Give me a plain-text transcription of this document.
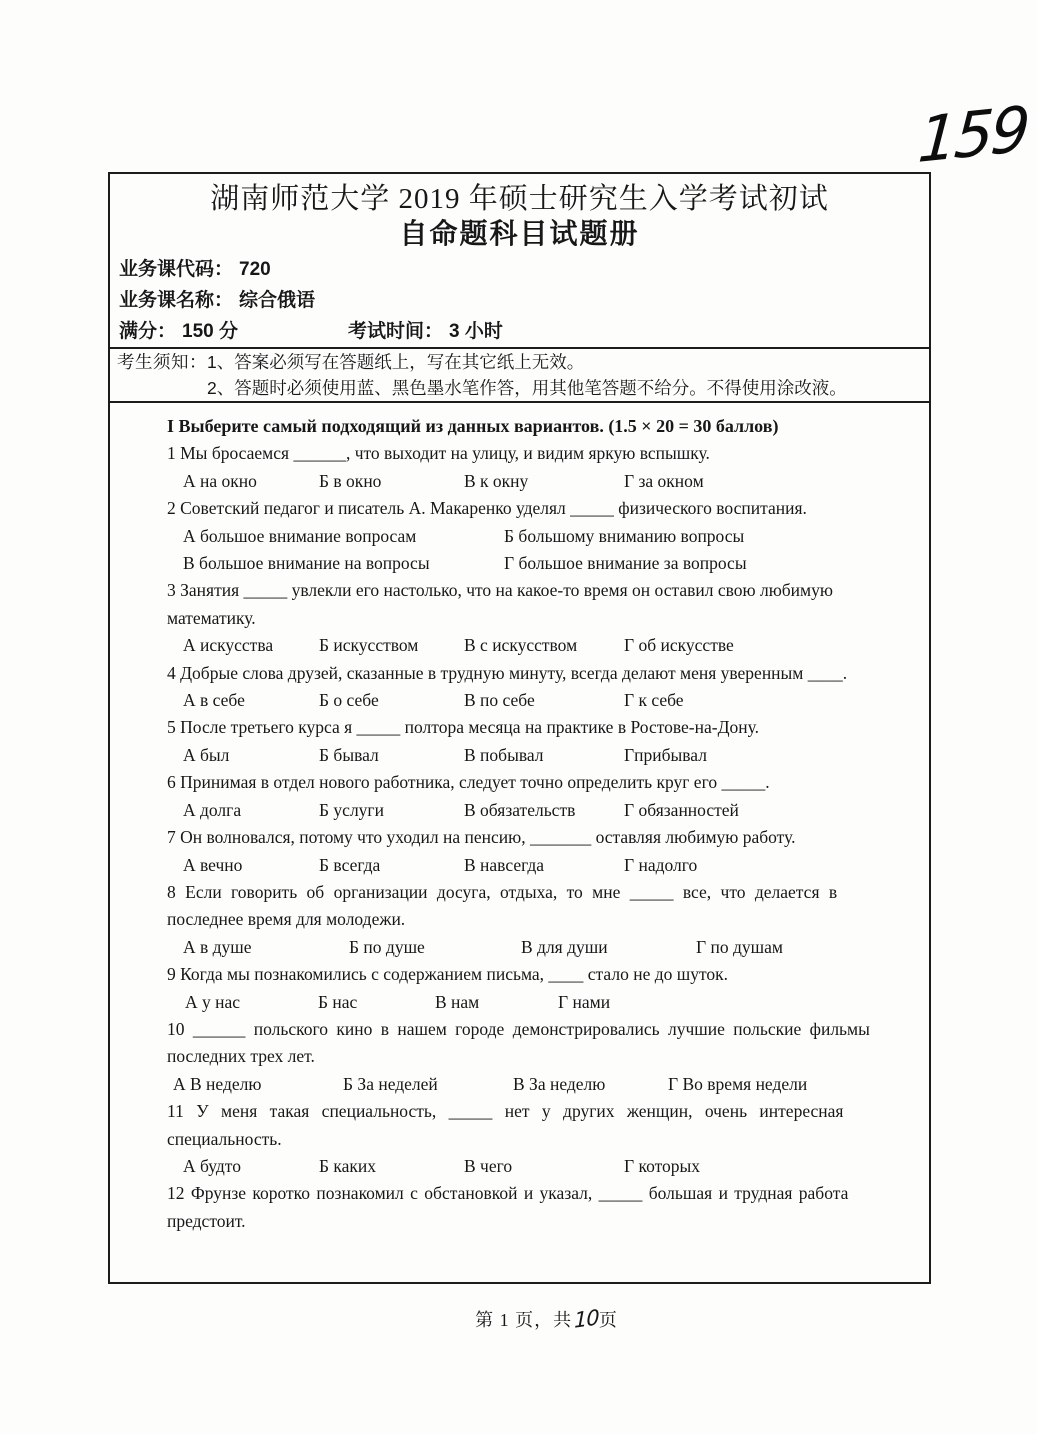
159
湖南师范大学 2019 年硕士研究生入学考试初试
自命题科目试题册
业务课代码： 720
业务课名称： 综合俄语
满分： 150 分	考试时间： 3 小时
考生须知：1、答案必须写在答题纸上，写在其它纸上无效。
2、答题时必须使用蓝、黑色墨水笔作答，用其他笔答题不给分。不得使用涂改液。
I Выберите самый подходящий из данных вариантов. (1.5 × 20 = 30 баллов)
1 Мы бросаемся ______, что выходит на улицу, и видим яркую вспышку.
А на окно	Б в окно	В к окну	Г за окном
2 Советский педагог и писатель А. Макаренко уделял _____ физического воспитания.
А большое внимание вопросам	Б большому вниманию вопросы
В большое внимание на вопросы	Г большое внимание за вопросы
3 Занятия _____ увлекли его настолько, что на какое-то время он оставил свою любимую
математику.
А искусства	Б искусством	В с искусством	Г об искусстве
4 Добрые слова друзей, сказанные в трудную минуту, всегда делают меня уверенным ____.
А в себе	Б о себе	В по себе	Г к себе
5 После третьего курса я _____ полтора месяца на практике в Ростове-на-Дону.
А был	Б бывал	В побывал	Гприбывал
6 Принимая в отдел нового работника, следует точно определить круг его _____.
А долга	Б услуги	В обязательств	Г обязанностей
7 Он волновался, потому что уходил на пенсию, _______ оставляя любимую работу.
А вечно	Б всегда	В навсегда	Г надолго
8 Если говорить об организации досуга, отдыха, то мне _____ все, что делается в
последнее время для молодежи.
А в душе	Б по душе	В для души	Г по душам
9 Когда мы познакомились с содержанием письма, ____ стало не до шуток.
А у нас	Б нас	В нам	Г нами
10 ______ польского кино в нашем городе демонстрировались лучшие польские фильмы
последних трех лет.
А В неделю	Б За неделей	В За неделю	Г Во время недели
11 У меня такая специальность, _____ нет у других женщин, очень интересная
специальность.
А будто	Б каких	В чего	Г которых
12 Фрунзе коротко познакомил с обстановкой и указал, _____ большая и трудная работа
предстоит.
第 1 页，共 10页
